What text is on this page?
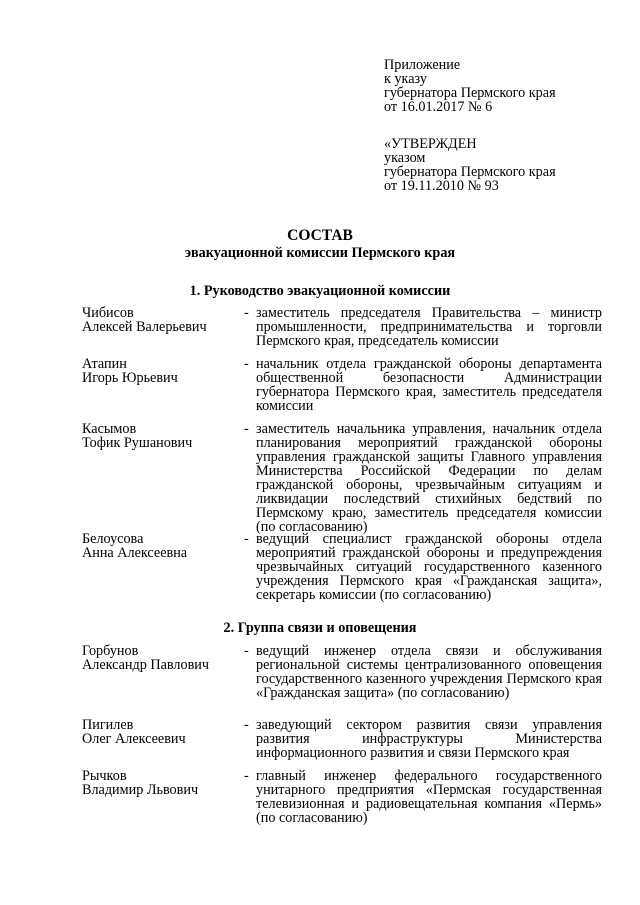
Приложение
к указу
губернатора Пермского края
от 16.01.2017 № 6
«УТВЕРЖДЕН
указом
губернатора Пермского края
от 19.11.2010 № 93
СОСТАВ
эвакуационной комиссии Пермского края
1. Руководство эвакуационной комиссии
Чибисов
Алексей Валерьевич
- заместитель председателя Правительства – министр промышленности, предпринимательства и торговли Пермского края, председатель комиссии
Атапин
Игорь Юрьевич
- начальник отдела гражданской обороны департамента общественной безопасности Администрации губернатора Пермского края, заместитель председателя комиссии
Касымов
Тофик Рушанович
- заместитель начальника управления, начальник отдела планирования мероприятий гражданской обороны управления гражданской защиты Главного управления Министерства Российской Федерации по делам гражданской обороны, чрезвычайным ситуациям и ликвидации последствий стихийных бедствий по Пермскому краю, заместитель председателя комиссии (по согласованию)
Белоусова
Анна Алексеевна
- ведущий специалист гражданской обороны отдела мероприятий гражданской обороны и предупреждения чрезвычайных ситуаций государственного казенного учреждения Пермского края «Гражданская защита», секретарь комиссии (по согласованию)
2. Группа связи и оповещения
Горбунов
Александр Павлович
- ведущий инженер отдела связи и обслуживания региональной системы централизованного оповещения государственного казенного учреждения Пермского края «Гражданская защита» (по согласованию)
Пигилев
Олег Алексеевич
- заведующий сектором развития связи управления развития инфраструктуры Министерства информационного развития и связи Пермского края
Рычков
Владимир Львович
- главный инженер федерального государственного унитарного предприятия «Пермская государственная телевизионная и радиовещательная компания «Пермь» (по согласованию)
